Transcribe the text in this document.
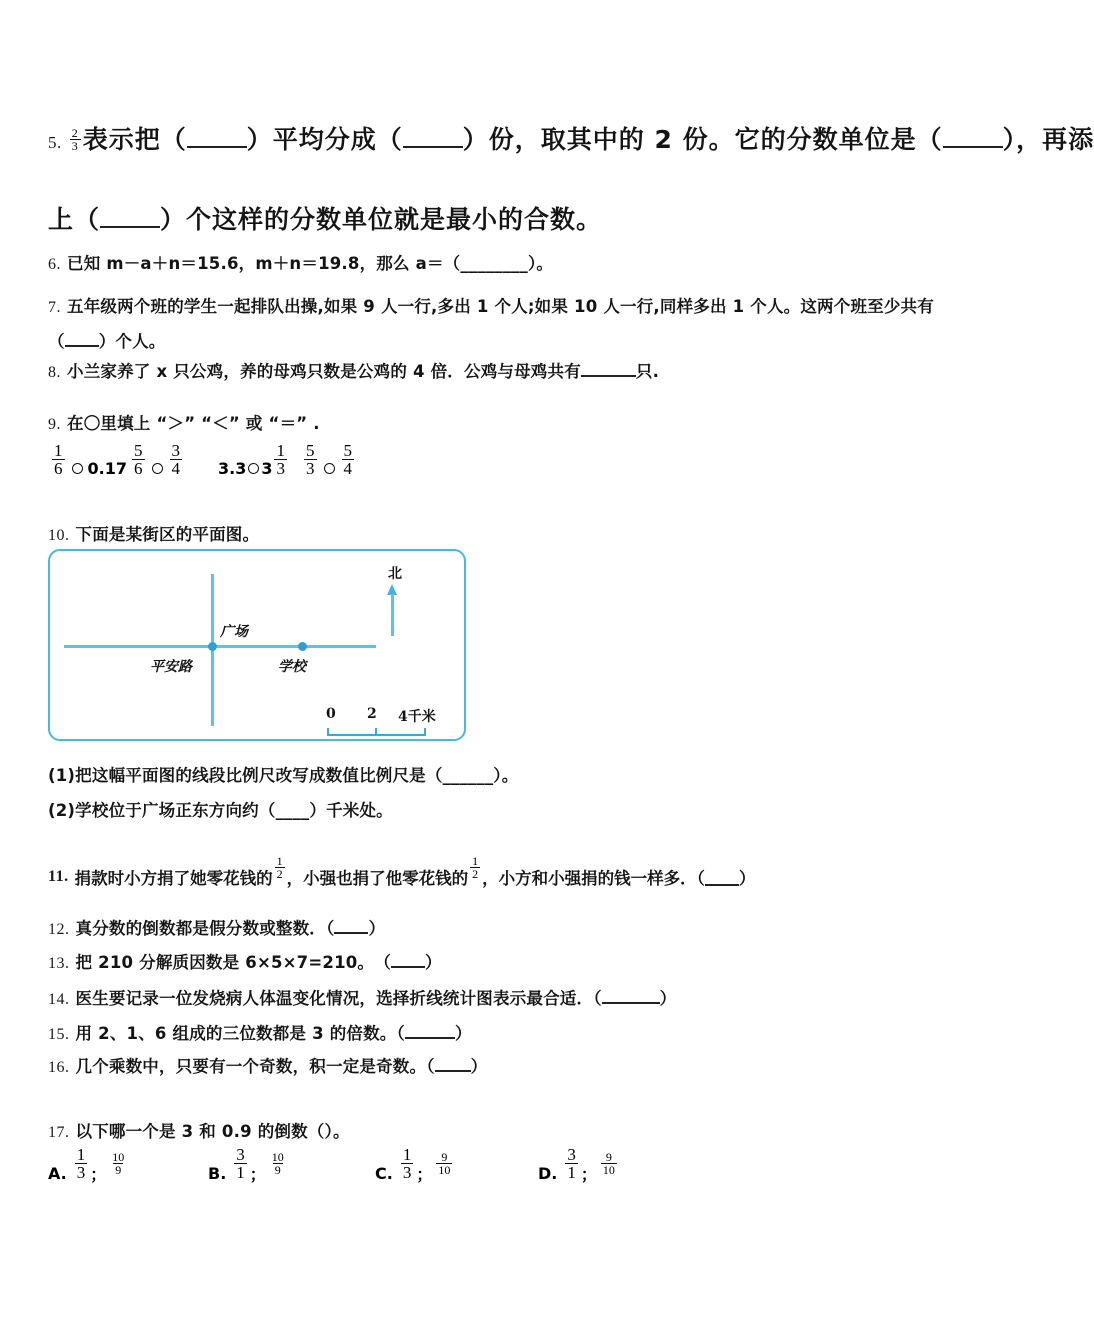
5. $\frac{2}{3}$ 表示把（ ）平均分成（ ）份，取其中的 2 份。它的分数单位是（ ），再添
上（ ）个这样的分数单位就是最小的合数。
6. 已知 m－a＋n＝15.6，m＋n＝19.8，那么 a＝（________）。
7. 五年级两个班的学生一起排队出操,如果 9 人一行,多出 1 个人;如果 10 人一行,同样多出 1 个人。这两个班至少共有
（ ）个人。
8. 小兰家养了 x 只公鸡，养的母鸡只数是公鸡的 4 倍．公鸡与母鸡共有	只.
9. 在〇里填上 “＞” “＜” 或 “＝” .
$\frac{1}{6} 0.17 \frac{5}{6} \frac{3}{4} 3.3$ $3 \frac{1}{3} \frac{5}{3} \frac{5}{4}$
10. 下面是某街区的平面图。
广场
平安路	学校
北
0 2 4千米
(1)把这幅平面图的线段比例尺改写成数值比例尺是（______）。
(2)学校位于广场正东方向约（____）千米处。
11. 捐款时小方捐了她零花钱的 $\frac{1}{2}$ ，小强也捐了他零花钱的 $\frac{1}{2}$ ，小方和小强捐的钱一样多．（ ）
12. 真分数的倒数都是假分数或整数．（ ）
13. 把 210 分解质因数是 6×5×7=210。　（ ）
14. 医生要记录一位发烧病人体温变化情况，选择折线统计图表示最合适．（	）
15. 用 2、1、6 组成的三位数都是 3 的倍数。（	）
16. 几个乘数中，只要有一个奇数，积一定是奇数。（ ）
17. 以下哪一个是 3 和 0.9 的倒数（）。
A. $\frac{1}{3}$ ； $\frac{10}{9}$	B. $\frac{3}{1}$ ； $\frac{10}{9}$	C. $\frac{1}{3}$ ； $\frac{9}{10}$	D. $\frac{3}{1}$ ； $\frac{9}{10}$
